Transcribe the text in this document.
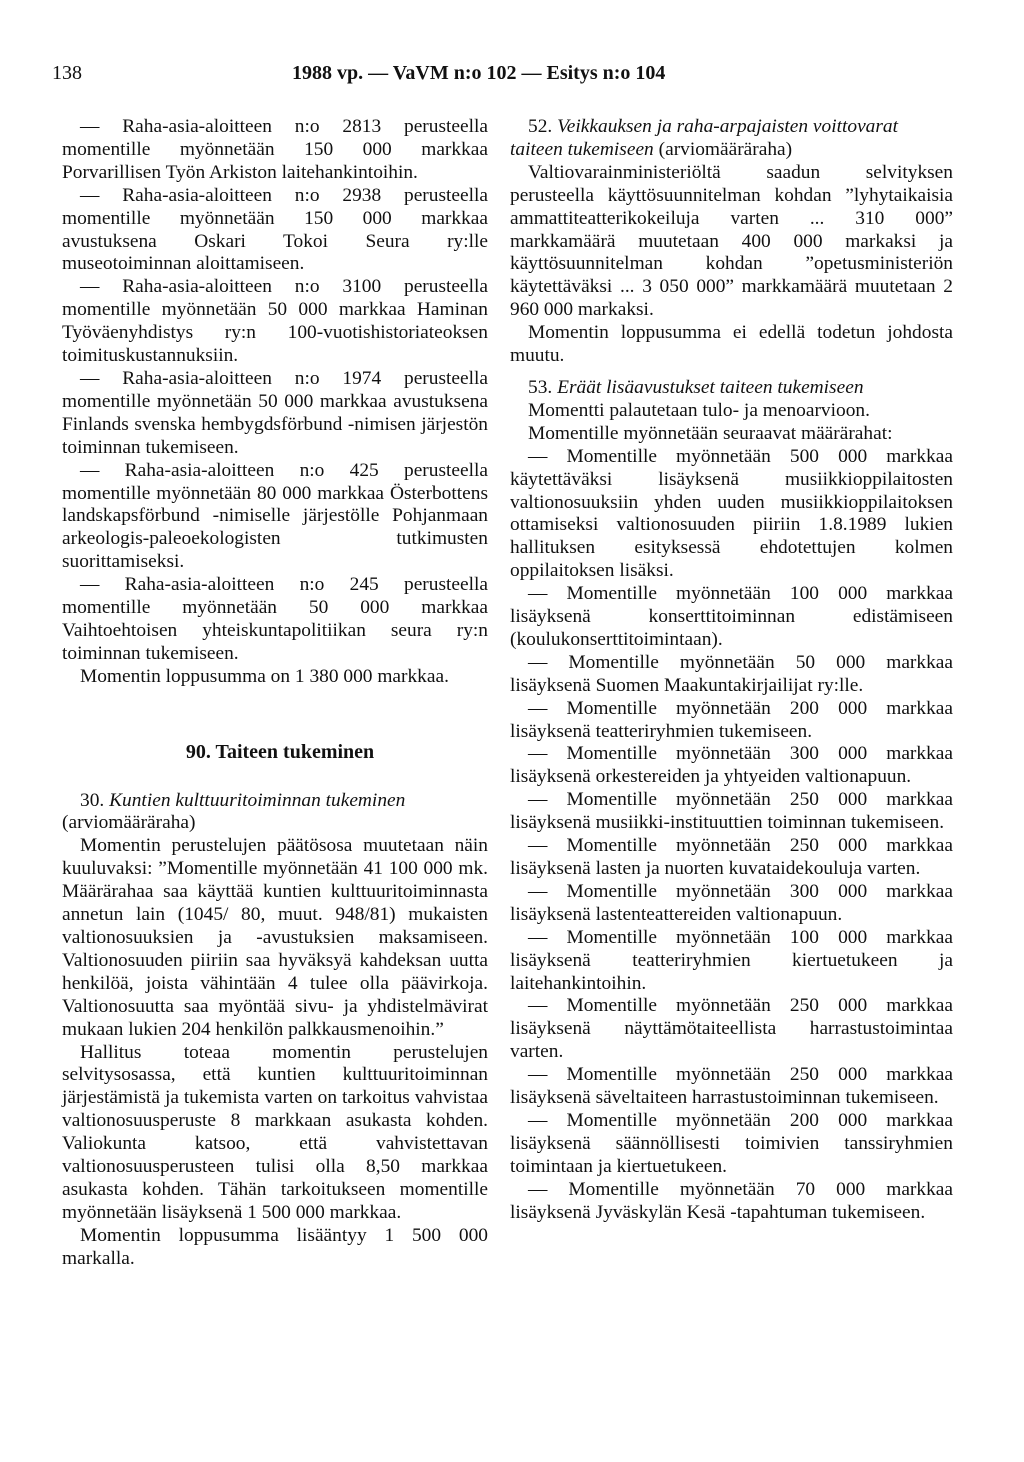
138	1988 vp. — VaVM n:o 102 — Esitys n:o 104

— Raha-asia-aloitteen n:o 2813 perusteella momentille myönnetään 150 000 markkaa Porvarillisen Työn Arkiston laitehankintoihin.

— Raha-asia-aloitteen n:o 2938 perusteella momentille myönnetään 150 000 markkaa avustuksena Oskari Tokoi Seura ry:lle museotoiminnan aloittamiseen.

— Raha-asia-aloitteen n:o 3100 perusteella momentille myönnetään 50 000 markkaa Haminan Työväenyhdistys ry:n 100-vuotishistoriateoksen toimituskustannuksiin.

— Raha-asia-aloitteen n:o 1974 perusteella momentille myönnetään 50 000 markkaa avustuksena Finlands svenska hembygdsförbund -nimisen järjestön toiminnan tukemiseen.

— Raha-asia-aloitteen n:o 425 perusteella momentille myönnetään 80 000 markkaa Österbottens landskapsförbund -nimiselle järjestölle Pohjanmaan arkeologis-paleoekologisten tutkimusten suorittamiseksi.

— Raha-asia-aloitteen n:o 245 perusteella momentille myönnetään 50 000 markkaa Vaihtoehtoisen yhteiskuntapolitiikan seura ry:n toiminnan tukemiseen.

Momentin loppusumma on 1 380 000 markkaa.

90. Taiteen tukeminen

30. Kuntien kulttuuritoiminnan tukeminen

(arviomääräraha)

Momentin perustelujen päätösosa muutetaan näin kuuluvaksi: ”Momentille myönnetään 41 100 000 mk. Määrärahaa saa käyttää kuntien kulttuuritoiminnasta annetun lain (1045/ 80, muut. 948/81) mukaisten valtionosuuksien ja -avustuksien maksamiseen. Valtionosuuden piiriin saa hyväksyä kahdeksan uutta henkilöä, joista vähintään 4 tulee olla päävirkoja. Valtionosuutta saa myöntää sivu- ja yhdistelmävirat mukaan lukien 204 henkilön palkkausmenoihin.”

Hallitus toteaa momentin perustelujen selvitysosassa, että kuntien kulttuuritoiminnan järjestämistä ja tukemista varten on tarkoitus vahvistaa valtionosuusperuste 8 markkaan asukasta kohden. Valiokunta katsoo, että vahvistettavan valtionosuusperusteen tulisi olla 8,50 markkaa asukasta kohden. Tähän tarkoitukseen momentille myönnetään lisäyksenä 1 500 000 markkaa.

Momentin loppusumma lisääntyy 1 500 000 markalla.

52. Veikkauksen ja raha-arpajaisten voittovarat taiteen tukemiseen (arviomääräraha)

Valtiovarainministeriöltä saadun selvityksen perusteella käyttösuunnitelman kohdan ”lyhytaikaisia ammattiteatterikokeiluja varten ... 310 000” markkamäärä muutetaan 400 000 markaksi ja käyttösuunnitelman kohdan ”opetusministeriön käytettäväksi ... 3 050 000” markkamäärä muutetaan 2 960 000 markaksi.

Momentin loppusumma ei edellä todetun johdosta muutu.

53. Eräät lisäavustukset taiteen tukemiseen

Momentti palautetaan tulo- ja menoarvioon.

Momentille myönnetään seuraavat määrärahat:

— Momentille myönnetään 500 000 markkaa käytettäväksi lisäyksenä musiikkioppilaitosten valtionosuuksiin yhden uuden musiikkioppilaitoksen ottamiseksi valtionosuuden piiriin 1.8.1989 lukien hallituksen esityksessä ehdotettujen kolmen oppilaitoksen lisäksi.

— Momentille myönnetään 100 000 markkaa lisäyksenä konserttitoiminnan edistämiseen (koulukonserttitoimintaan).

— Momentille myönnetään 50 000 markkaa lisäyksenä Suomen Maakuntakirjailijat ry:lle.

— Momentille myönnetään 200 000 markkaa lisäyksenä teatteriryhmien tukemiseen.

— Momentille myönnetään 300 000 markkaa lisäyksenä orkestereiden ja yhtyeiden valtionapuun.

— Momentille myönnetään 250 000 markkaa lisäyksenä musiikki-instituuttien toiminnan tukemiseen.

— Momentille myönnetään 250 000 markkaa lisäyksenä lasten ja nuorten kuvataidekouluja varten.

— Momentille myönnetään 300 000 markkaa lisäyksenä lastenteattereiden valtionapuun.

— Momentille myönnetään 100 000 markkaa lisäyksenä teatteriryhmien kiertuetukeen ja laitehankintoihin.

— Momentille myönnetään 250 000 markkaa lisäyksenä näyttämötaiteellista harrastustoimintaa varten.

— Momentille myönnetään 250 000 markkaa lisäyksenä säveltaiteen harrastustoiminnan tukemiseen.

— Momentille myönnetään 200 000 markkaa lisäyksenä säännöllisesti toimivien tanssiryhmien toimintaan ja kiertuetukeen.

— Momentille myönnetään 70 000 markkaa lisäyksenä Jyväskylän Kesä -tapahtuman tukemiseen.
